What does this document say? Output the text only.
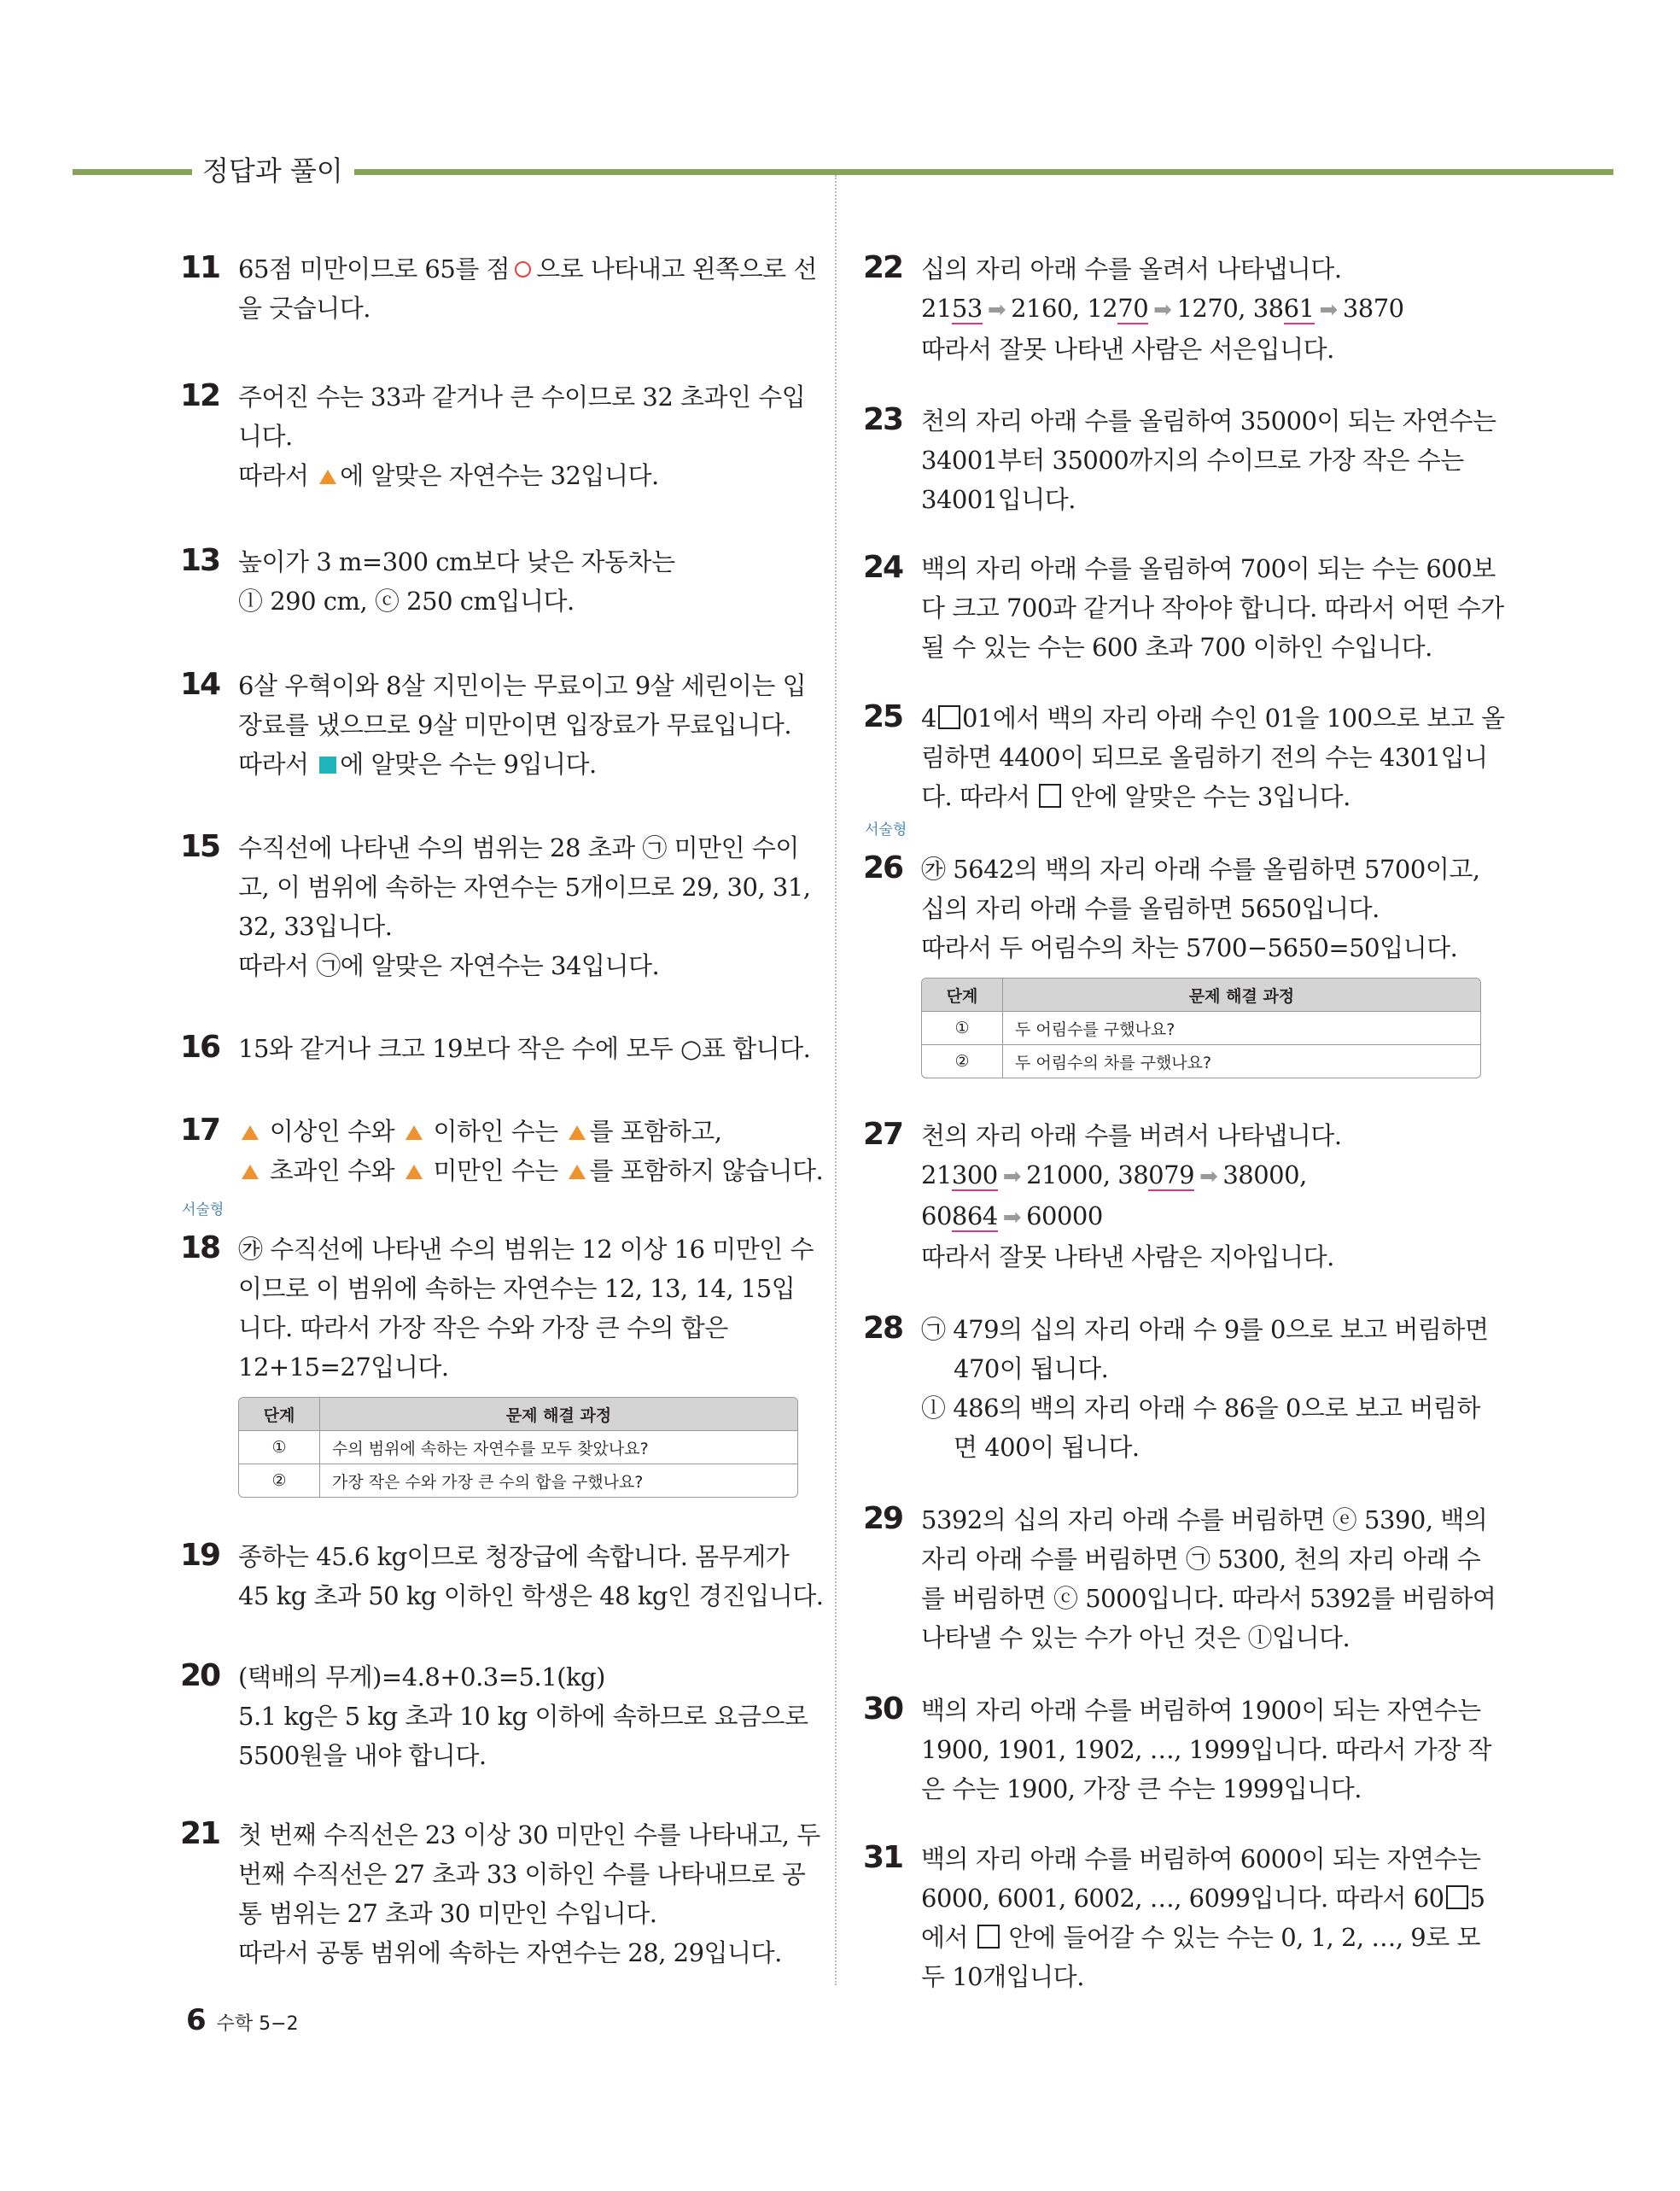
정답과 풀이
11 65점 미만이므로 65를 점 으로 나타내고 왼쪽으로 선
을 긋습니다.
12 주어진 수는 33과 같거나 큰 수이므로 32 초과인 수입
니다.
따라서 에 알맞은 자연수는 32입니다.
13 높이가 3 m=300 cm보다 낮은 자동차는
ⓛ 290 cm, ⓒ 250 cm입니다.
14 6살 우혁이와 8살 지민이는 무료이고 9살 세린이는 입
장료를 냈으므로 9살 미만이면 입장료가 무료입니다.
따라서 에 알맞은 수는 9입니다.
15 수직선에 나타낸 수의 범위는 28 초과 ㉠ 미만인 수이
고, 이 범위에 속하는 자연수는 5개이므로 29, 30, 31,
32, 33입니다.
따라서 ㉠에 알맞은 자연수는 34입니다.
16 15와 같거나 크고 19보다 작은 수에 모두 ○표 합니다.
17	이상인 수와 이하인 수는 를 포함하고,
초과인 수와 미만인 수는 를 포함하지 않습니다.
서술형
18 ㉮ 수직선에 나타낸 수의 범위는 12 이상 16 미만인 수
이므로 이 범위에 속하는 자연수는 12, 13, 14, 15입
니다. 따라서 가장 작은 수와 가장 큰 수의 합은
12+15=27입니다.
단계	문제 해결 과정
①	수의 범위에 속하는 자연수를 모두 찾았나요?
②	가장 작은 수와 가장 큰 수의 합을 구했나요?
19 종하는 45.6 kg이므로 청장급에 속합니다. 몸무게가
45 kg 초과 50 kg 이하인 학생은 48 kg인 경진입니다.
20 (택배의 무게)=4.8+0.3=5.1(kg)
5.1 kg은 5 kg 초과 10 kg 이하에 속하므로 요금으로
5500원을 내야 합니다.
21 첫 번째 수직선은 23 이상 30 미만인 수를 나타내고, 두
번째 수직선은 27 초과 33 이하인 수를 나타내므로 공
통 범위는 27 초과 30 미만인 수입니다.
따라서 공통 범위에 속하는 자연수는 28, 29입니다.
22 십의 자리 아래 수를 올려서 나타냅니다.
2153 ➡ 2160, 1270 ➡ 1270, 3861 ➡ 3870
따라서 잘못 나타낸 사람은 서은입니다.
23 천의 자리 아래 수를 올림하여 35000이 되는 자연수는
34001부터 35000까지의 수이므로 가장 작은 수는
34001입니다.
24 백의 자리 아래 수를 올림하여 700이 되는 수는 600보
다 크고 700과 같거나 작아야 합니다. 따라서 어떤 수가
될 수 있는 수는 600 초과 700 이하인 수입니다.
25 4 01에서 백의 자리 아래 수인 01을 100으로 보고 올
림하면 4400이 되므로 올림하기 전의 수는 4301입니
다. 따라서 안에 알맞은 수는 3입니다.
서술형
26 ㉮ 5642의 백의 자리 아래 수를 올림하면 5700이고,
십의 자리 아래 수를 올림하면 5650입니다.
따라서 두 어림수의 차는 5700−5650=50입니다.
단계	문제 해결 과정
①	두 어림수를 구했나요?
②	두 어림수의 차를 구했나요?
27 천의 자리 아래 수를 버려서 나타냅니다.
21300 ➡ 21000, 38079 ➡ 38000,
60864 ➡ 60000
따라서 잘못 나타낸 사람은 지아입니다.
28 ㉠ 479의 십의 자리 아래 수 9를 0으로 보고 버림하면
470이 됩니다.
ⓛ 486의 백의 자리 아래 수 86을 0으로 보고 버림하
면 400이 됩니다.
29 5392의 십의 자리 아래 수를 버림하면 ⓔ 5390, 백의
자리 아래 수를 버림하면 ㉠ 5300, 천의 자리 아래 수
를 버림하면 ⓒ 5000입니다. 따라서 5392를 버림하여
나타낼 수 있는 수가 아닌 것은 ⓛ입니다.
30 백의 자리 아래 수를 버림하여 1900이 되는 자연수는
1900, 1901, 1902, …, 1999입니다. 따라서 가장 작
은 수는 1900, 가장 큰 수는 1999입니다.
31 백의 자리 아래 수를 버림하여 6000이 되는 자연수는
6000, 6001, 6002, …, 6099입니다. 따라서 60 5
에서 안에 들어갈 수 있는 수는 0, 1, 2, …, 9로 모
두 10개입니다.
6 수학 5−2
